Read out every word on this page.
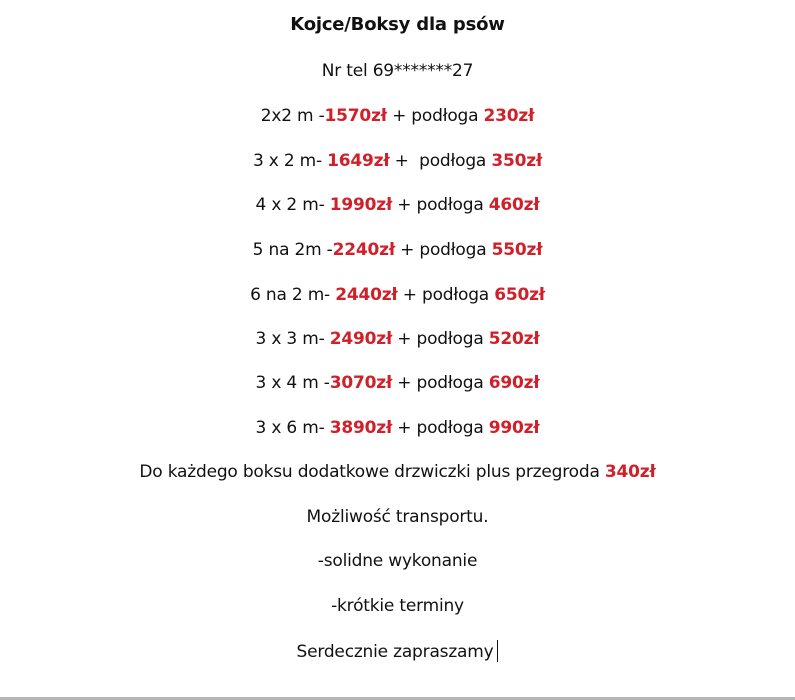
Kojce/Boksy dla psów
Nr tel 69*******27
2x2 m -1570zł + podłoga 230zł
3 x 2 m- 1649zł +  podłoga 350zł
4 x 2 m- 1990zł + podłoga 460zł
5 na 2m -2240zł + podłoga 550zł
6 na 2 m- 2440zł + podłoga 650zł
3 x 3 m- 2490zł + podłoga 520zł
3 x 4 m -3070zł + podłoga 690zł
3 x 6 m- 3890zł + podłoga 990zł
Do każdego boksu dodatkowe drzwiczki plus przegroda 340zł
Możliwość transportu.
-solidne wykonanie
-krótkie terminy
Serdecznie zapraszamy
